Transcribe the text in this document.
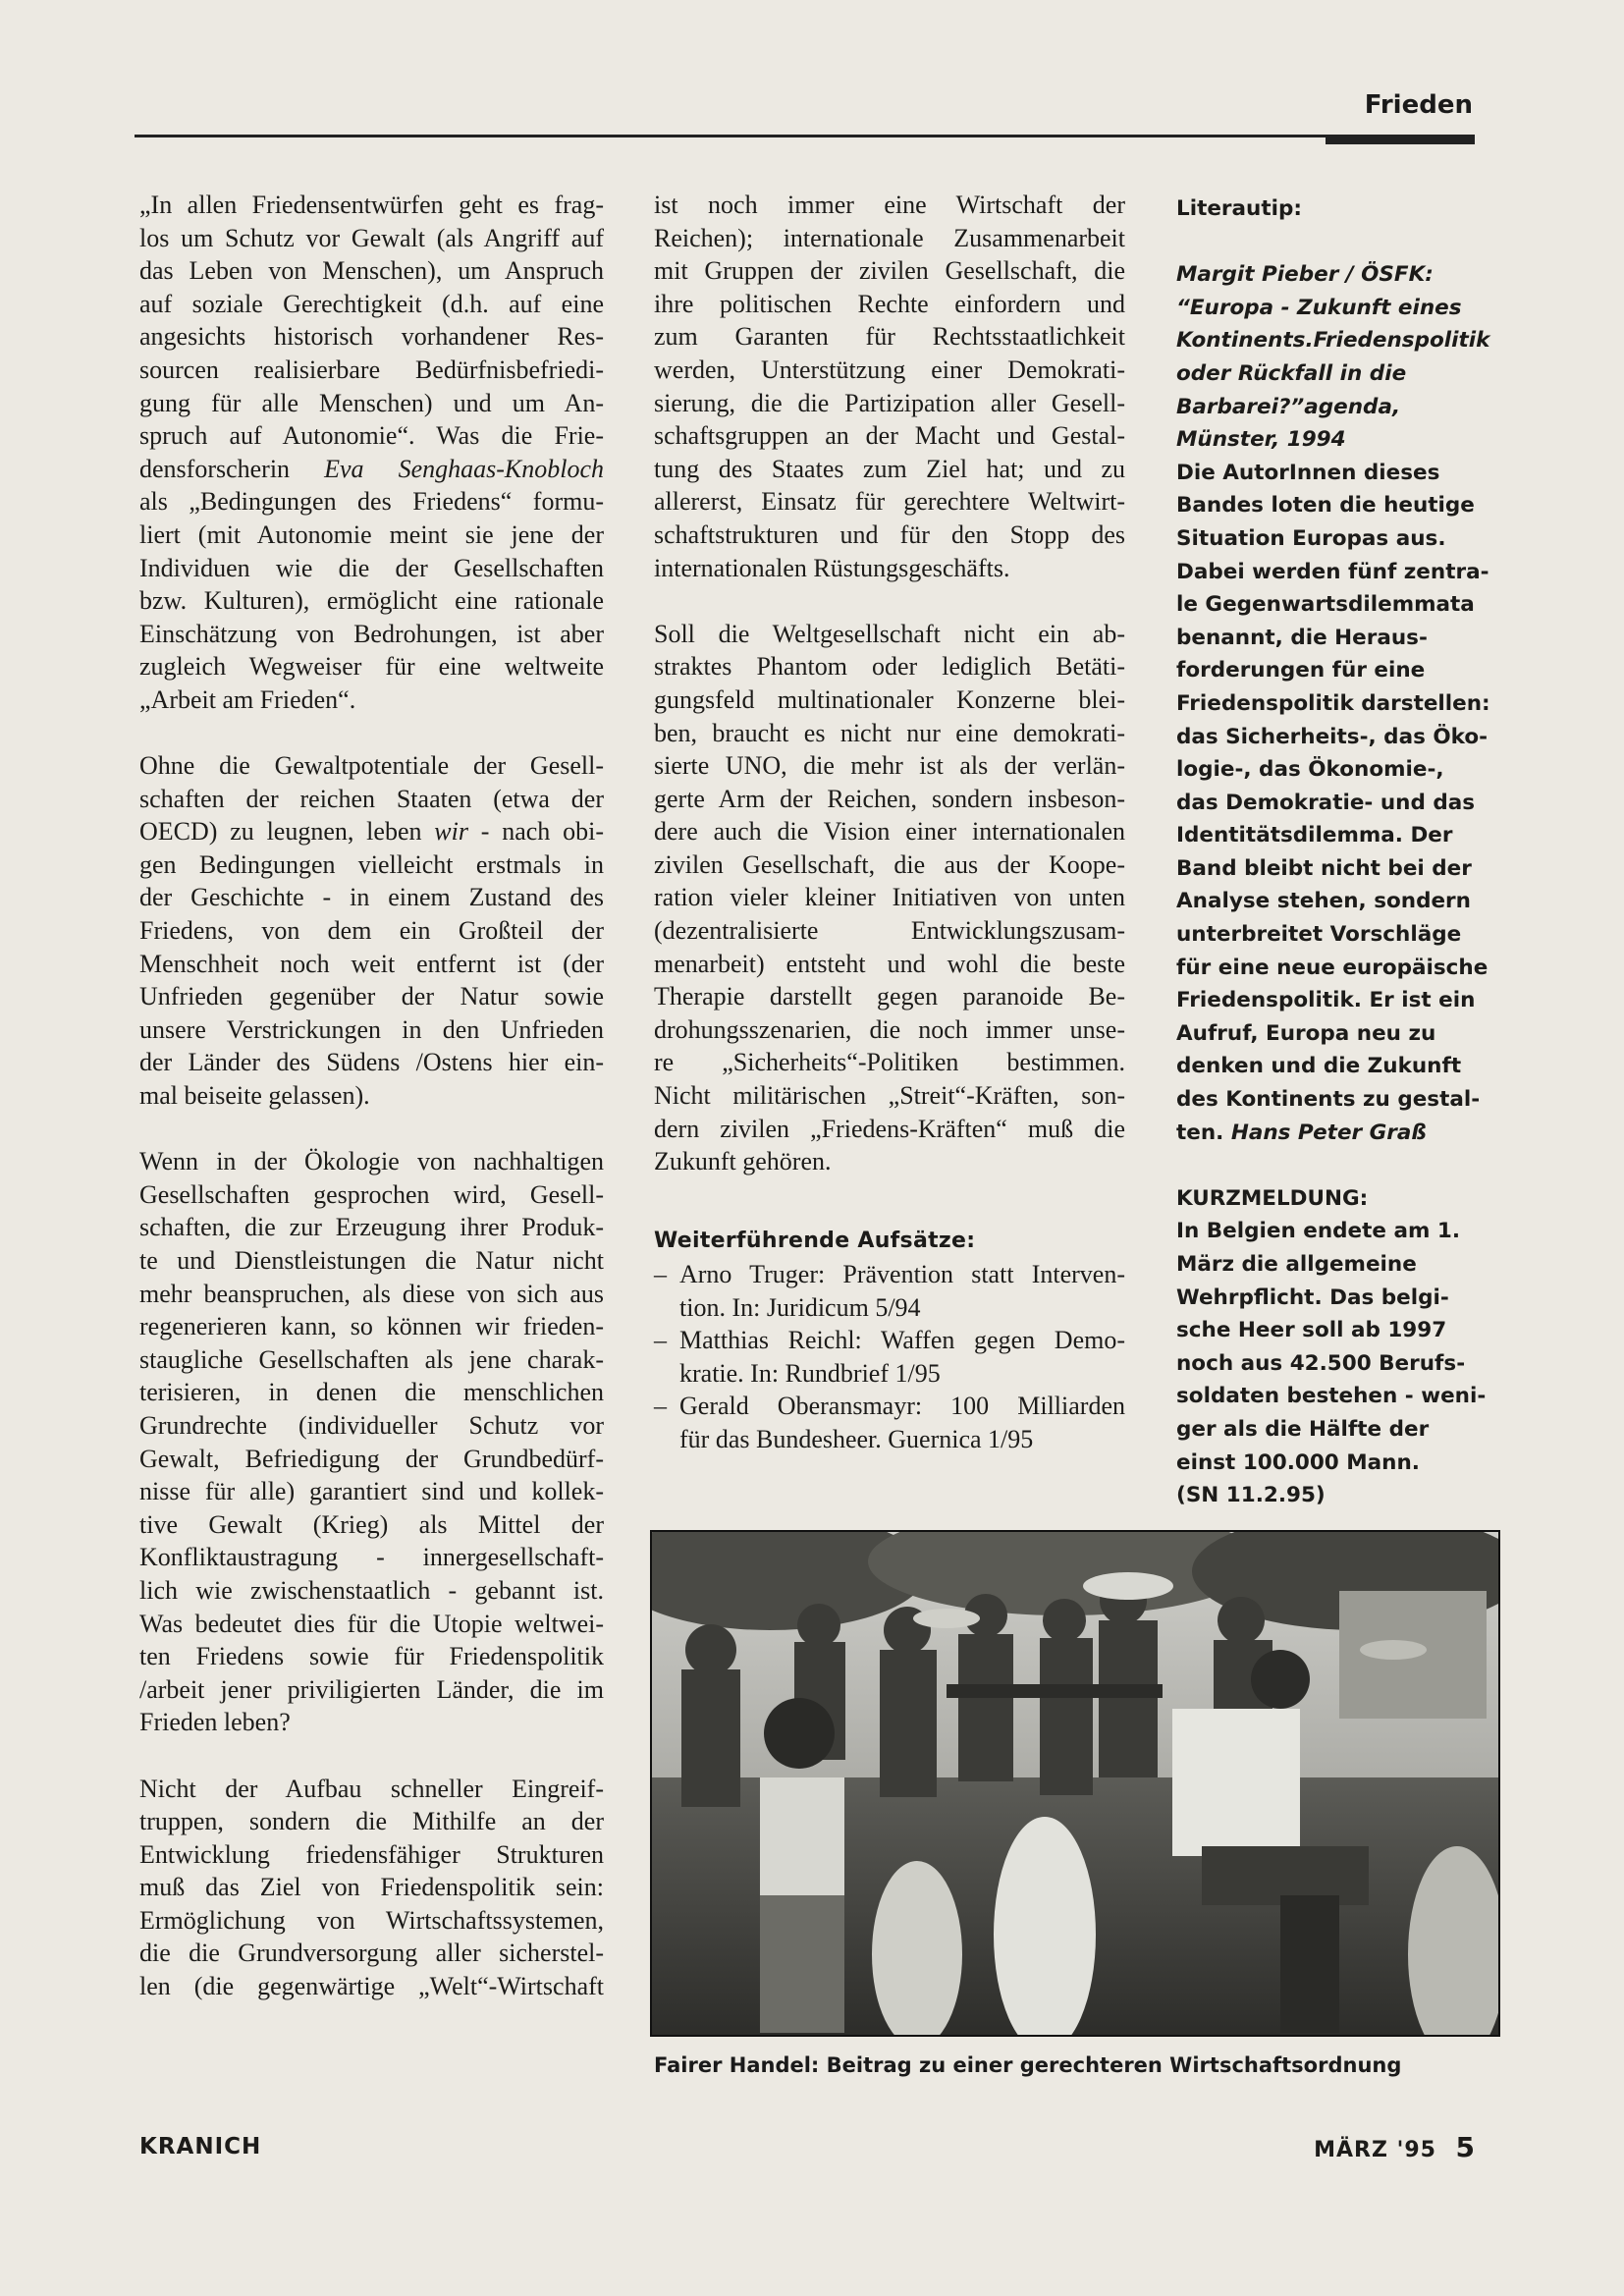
Frieden
„In allen Friedensentwürfen geht es frag-
los um Schutz vor Gewalt (als Angriff auf
das Leben von Menschen), um Anspruch
auf soziale Gerechtigkeit (d.h. auf eine
angesichts historisch vorhandener Res-
sourcen realisierbare Bedürfnisbefriedi-
gung für alle Menschen) und um An-
spruch auf Autonomie“. Was die Frie-
densforscherin Eva Senghaas-Knobloch
als „Bedingungen des Friedens“ formu-
liert (mit Autonomie meint sie jene der
Individuen wie die der Gesellschaften
bzw. Kulturen), ermöglicht eine rationale
Einschätzung von Bedrohungen, ist aber
zugleich Wegweiser für eine weltweite
„Arbeit am Frieden“.
Ohne die Gewaltpotentiale der Gesell-
schaften der reichen Staaten (etwa der
OECD) zu leugnen, leben wir - nach obi-
gen Bedingungen vielleicht erstmals in
der Geschichte - in einem Zustand des
Friedens, von dem ein Großteil der
Menschheit noch weit entfernt ist (der
Unfrieden gegenüber der Natur sowie
unsere Verstrickungen in den Unfrieden
der Länder des Südens /Ostens hier ein-
mal beiseite gelassen).
Wenn in der Ökologie von nachhaltigen
Gesellschaften gesprochen wird, Gesell-
schaften, die zur Erzeugung ihrer Produk-
te und Dienstleistungen die Natur nicht
mehr beanspruchen, als diese von sich aus
regenerieren kann, so können wir frieden-
staugliche Gesellschaften als jene charak-
terisieren, in denen die menschlichen
Grundrechte (individueller Schutz vor
Gewalt, Befriedigung der Grundbedürf-
nisse für alle) garantiert sind und kollek-
tive Gewalt (Krieg) als Mittel der
Konfliktaustragung - innergesellschaft-
lich wie zwischenstaatlich - gebannt ist.
Was bedeutet dies für die Utopie weltwei-
ten Friedens sowie für Friedenspolitik
/arbeit jener priviligierten Länder, die im
Frieden leben?
Nicht der Aufbau schneller Eingreif-
truppen, sondern die Mithilfe an der
Entwicklung friedensfähiger Strukturen
muß das Ziel von Friedenspolitik sein:
Ermöglichung von Wirtschaftssystemen,
die die Grundversorgung aller sicherstel-
len (die gegenwärtige „Welt“-Wirtschaft
ist noch immer eine Wirtschaft der
Reichen); internationale Zusammenarbeit
mit Gruppen der zivilen Gesellschaft, die
ihre politischen Rechte einfordern und
zum Garanten für Rechtsstaatlichkeit
werden, Unterstützung einer Demokrati-
sierung, die die Partizipation aller Gesell-
schaftsgruppen an der Macht und Gestal-
tung des Staates zum Ziel hat; und zu
allererst, Einsatz für gerechtere Weltwirt-
schaftstrukturen und für den Stopp des
internationalen Rüstungsgeschäfts.
Soll die Weltgesellschaft nicht ein ab-
straktes Phantom oder lediglich Betäti-
gungsfeld multinationaler Konzerne blei-
ben, braucht es nicht nur eine demokrati-
sierte UNO, die mehr ist als der verlän-
gerte Arm der Reichen, sondern insbeson-
dere auch die Vision einer internationalen
zivilen Gesellschaft, die aus der Koope-
ration vieler kleiner Initiativen von unten
(dezentralisierte Entwicklungszusam-
menarbeit) entsteht und wohl die beste
Therapie darstellt gegen paranoide Be-
drohungsszenarien, die noch immer unse-
re „Sicherheits“-Politiken bestimmen.
Nicht militärischen „Streit“-Kräften, son-
dern zivilen „Friedens-Kräften“ muß die
Zukunft gehören.
Weiterführende Aufsätze:
– Arno Truger: Prävention statt Interven-
tion. In: Juridicum 5/94
– Matthias Reichl: Waffen gegen Demo-
kratie. In: Rundbrief 1/95
– Gerald Oberansmayr: 100 Milliarden
für das Bundesheer. Guernica 1/95
Literautip:
Margit Pieber / ÖSFK:
“Europa - Zukunft eines
Kontinents.Friedenspolitik
oder Rückfall in die
Barbarei?”agenda,
Münster, 1994
Die AutorInnen dieses
Bandes loten die heutige
Situation Europas aus.
Dabei werden fünf zentra-
le Gegenwartsdilemmata
benannt, die Heraus-
forderungen für eine
Friedenspolitik darstellen:
das Sicherheits-, das Öko-
logie-, das Ökonomie-,
das Demokratie- und das
Identitätsdilemma. Der
Band bleibt nicht bei der
Analyse stehen, sondern
unterbreitet Vorschläge
für eine neue europäische
Friedenspolitik. Er ist ein
Aufruf, Europa neu zu
denken und die Zukunft
des Kontinents zu gestal-
ten. Hans Peter Graß
KURZMELDUNG:
In Belgien endete am 1.
März die allgemeine
Wehrpflicht. Das belgi-
sche Heer soll ab 1997
noch aus 42.500 Berufs-
soldaten bestehen - weni-
ger als die Hälfte der
einst 100.000 Mann.
(SN 11.2.95)
Fairer Handel: Beitrag zu einer gerechteren Wirtschaftsordnung
KRANICH	MÄRZ '95 5
